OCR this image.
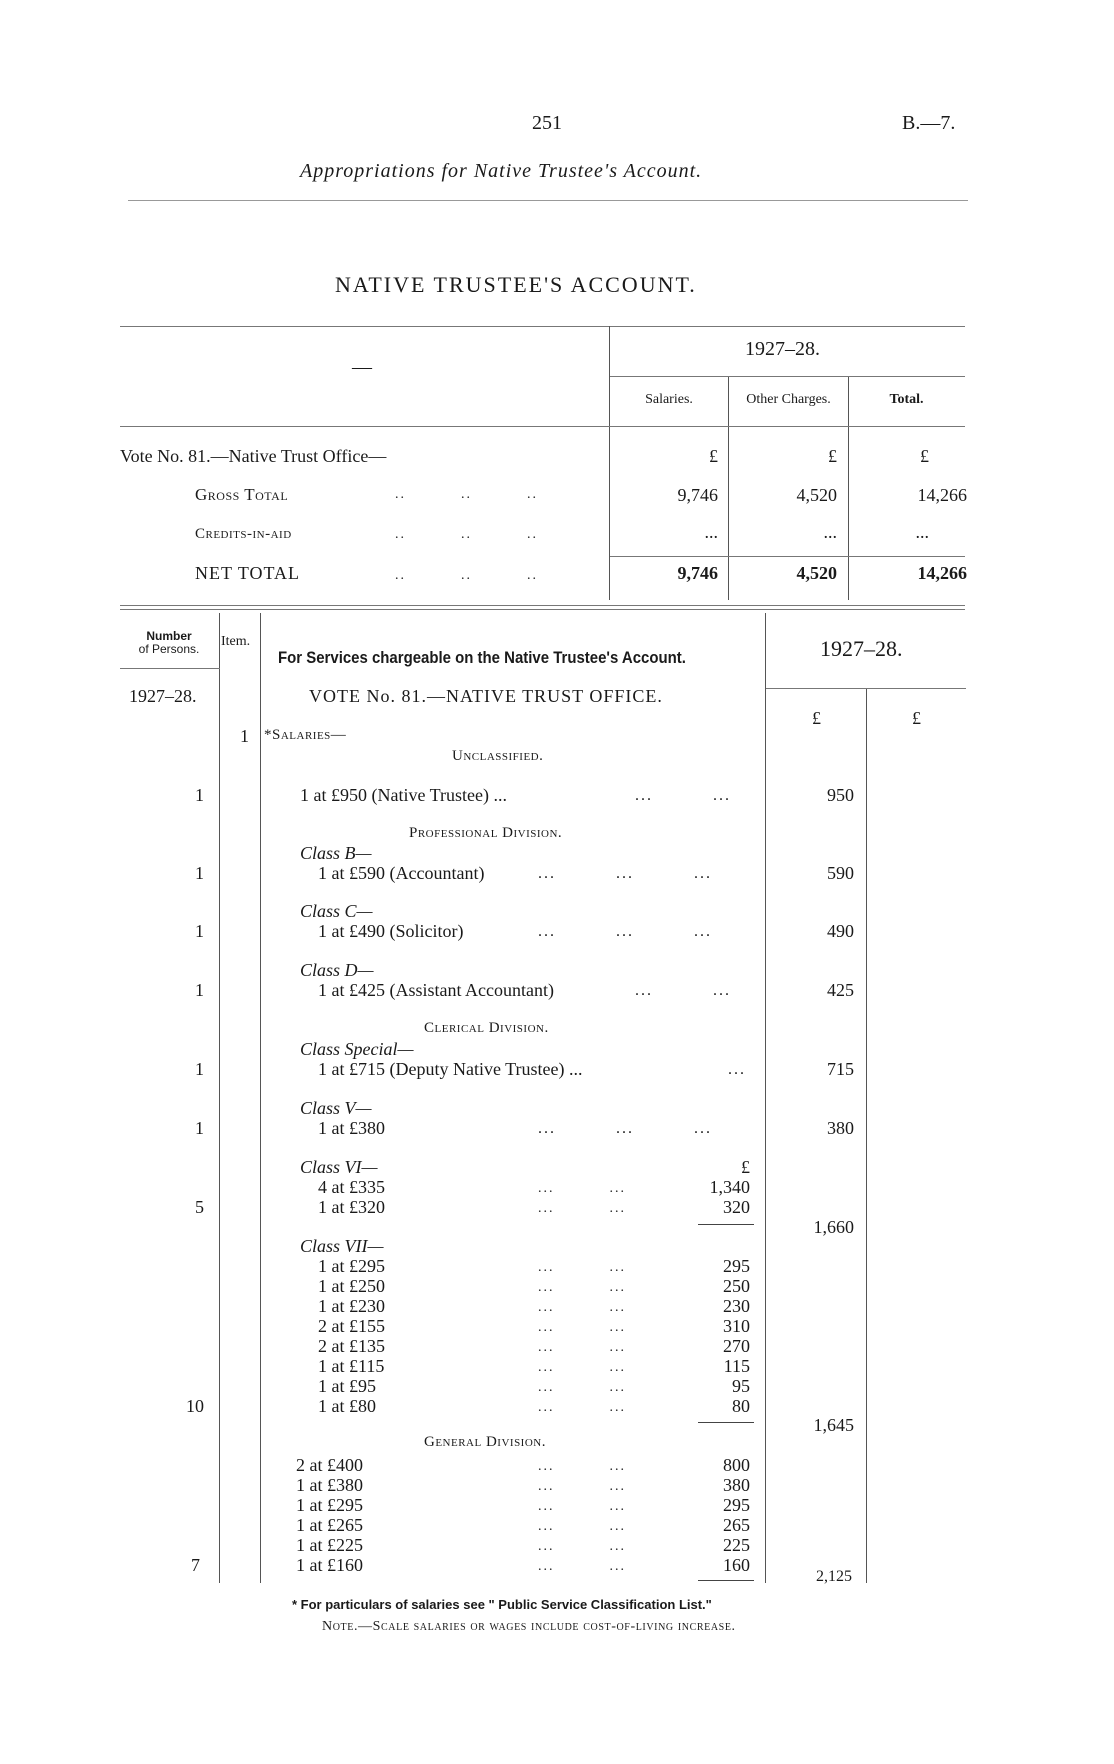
251	B.—7.
Appropriations for Native Trustee's Account.
NATIVE TRUSTEE'S ACCOUNT.
—
1927–28.
Salaries.	Other Charges.	Total.
Vote No. 81.—Native Trust Office—	£	£	£
Gross Total	..          ..          ..	9,746	4,520	14,266
Credits-in-aid	..          ..          ..	...	...	...
NET TOTAL	..          ..          ..	9,746	4,520	14,266
Number
of Persons.	Item.
For Services chargeable on the Native Trustee's Account.	1927–28.
1927–28.	VOTE No. 81.—NATIVE TRUST OFFICE.
£	£
1 *Salaries—
Unclassified.
1	1 at £950 (Native Trustee) ...	...          ...	950
Professional Division.
Class B—
1	1 at £590 (Accountant)	...          ...          ...	590
Class C—
1	1 at £490 (Solicitor)	...          ...          ...	490
Class D—
1	1 at £425 (Assistant Accountant)	...          ...	425
Clerical Division.
Class Special—
1	1 at £715 (Deputy Native Trustee) ...	...	715
Class V—
1	1 at £380	...          ...          ...	380
Class VI—	£
4 at £335	...          ...	1,340
5	1 at £320	...          ...	320
1,660
Class VII—
1 at £295	...          ...	295
1 at £250	...          ...	250
1 at £230	...          ...	230
2 at £155	...          ...	310
2 at £135	...          ...	270
1 at £115	...          ...	115
1 at £95	...          ...	95
10	1 at £80	...          ...	80
1,645
General Division.
2 at £400	...          ...	800
1 at £380	...          ...	380
1 at £295	...          ...	295
1 at £265	...          ...	265
1 at £225	...          ...	225
7	1 at £160	...          ...	160
2,125
* For particulars of salaries see " Public Service Classification List."
Note.—Scale salaries or wages include cost-of-living increase.
